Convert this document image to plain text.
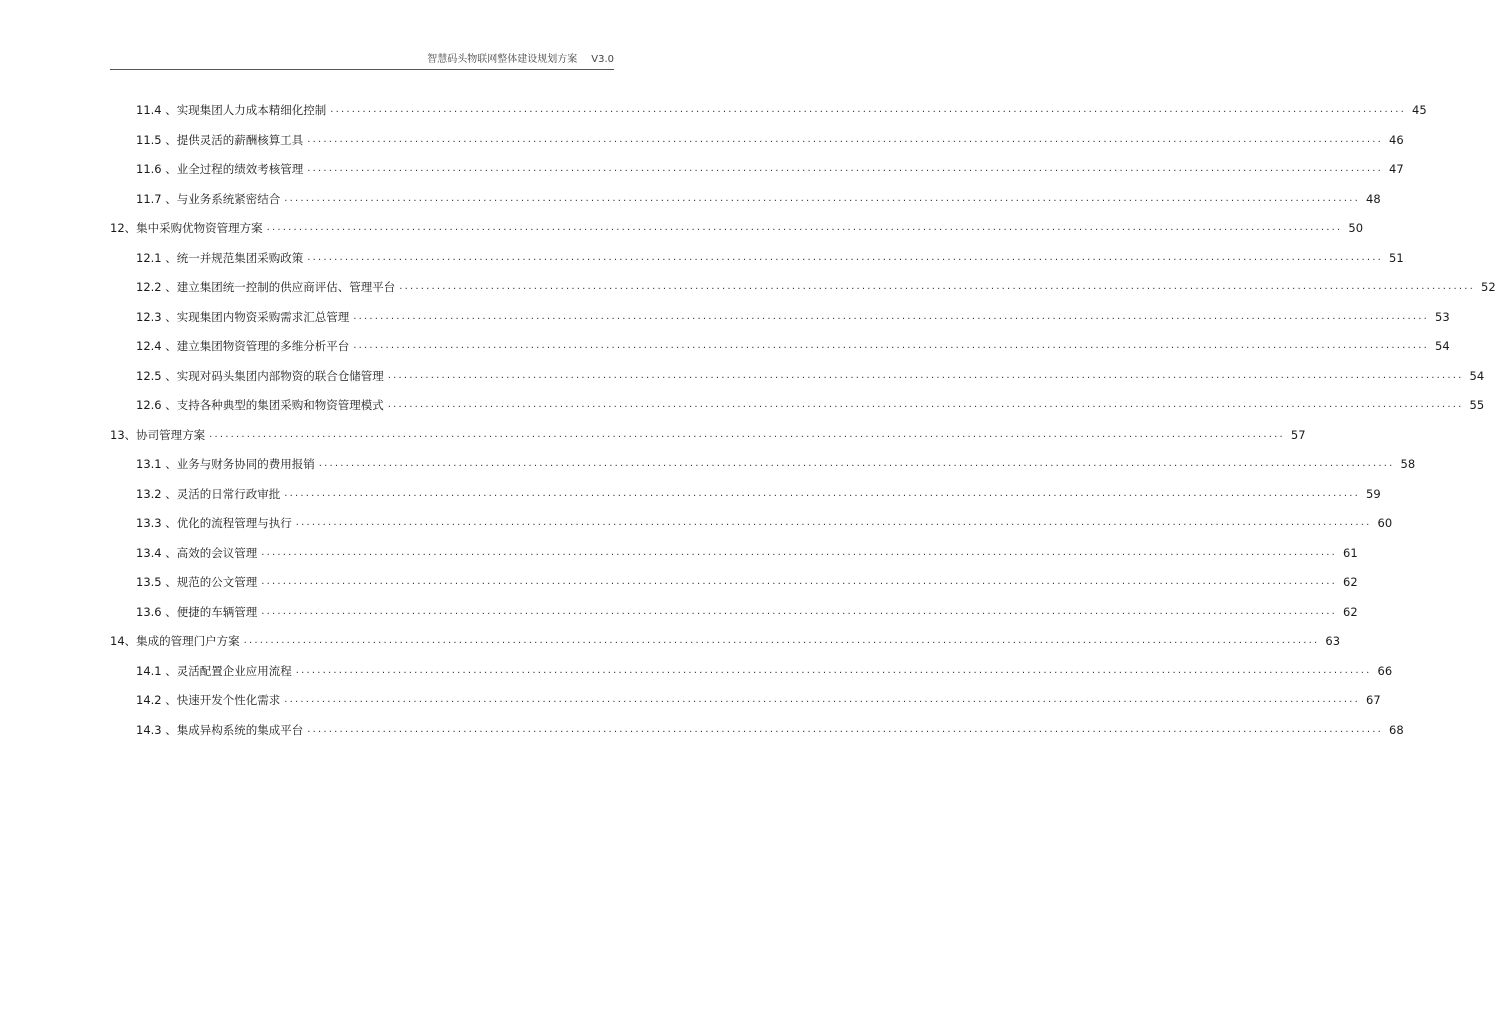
智慧码头物联网整体建设规划方案 V3.0
11.4 、实现集团人力成本精细化控制 ........................................................................................................................................................................................................ 45
11.5 、提供灵活的薪酬核算工具 ........................................................................................................................................................................................................ 46
11.6 、业全过程的绩效考核管理 ........................................................................................................................................................................................................ 47
11.7 、与业务系统紧密结合 ........................................................................................................................................................................................................ 48
12、集中采购优物资管理方案 ........................................................................................................................................................................................................ 50
12.1 、统一并规范集团采购政策 ........................................................................................................................................................................................................ 51
12.2 、建立集团统一控制的供应商评估、管理平台 ........................................................................................................................................................................................................ 52
12.3 、实现集团内物资采购需求汇总管理 ........................................................................................................................................................................................................ 53
12.4 、建立集团物资管理的多维分析平台 ........................................................................................................................................................................................................ 54
12.5 、实现对码头集团内部物资的联合仓储管理 ........................................................................................................................................................................................................ 54
12.6 、支持各种典型的集团采购和物资管理模式 ........................................................................................................................................................................................................ 55
13、协司管理方案 ........................................................................................................................................................................................................ 57
13.1 、业务与财务协同的费用报销 ........................................................................................................................................................................................................ 58
13.2 、灵活的日常行政审批 ........................................................................................................................................................................................................ 59
13.3 、优化的流程管理与执行 ........................................................................................................................................................................................................ 60
13.4 、高效的会议管理 ........................................................................................................................................................................................................ 61
13.5 、规范的公文管理 ........................................................................................................................................................................................................ 62
13.6 、便捷的车辆管理 ........................................................................................................................................................................................................ 62
14、集成的管理门户方案 ........................................................................................................................................................................................................ 63
14.1 、灵活配置企业应用流程 ........................................................................................................................................................................................................ 66
14.2 、快速开发个性化需求 ........................................................................................................................................................................................................ 67
14.3 、集成异构系统的集成平台 ........................................................................................................................................................................................................ 68
